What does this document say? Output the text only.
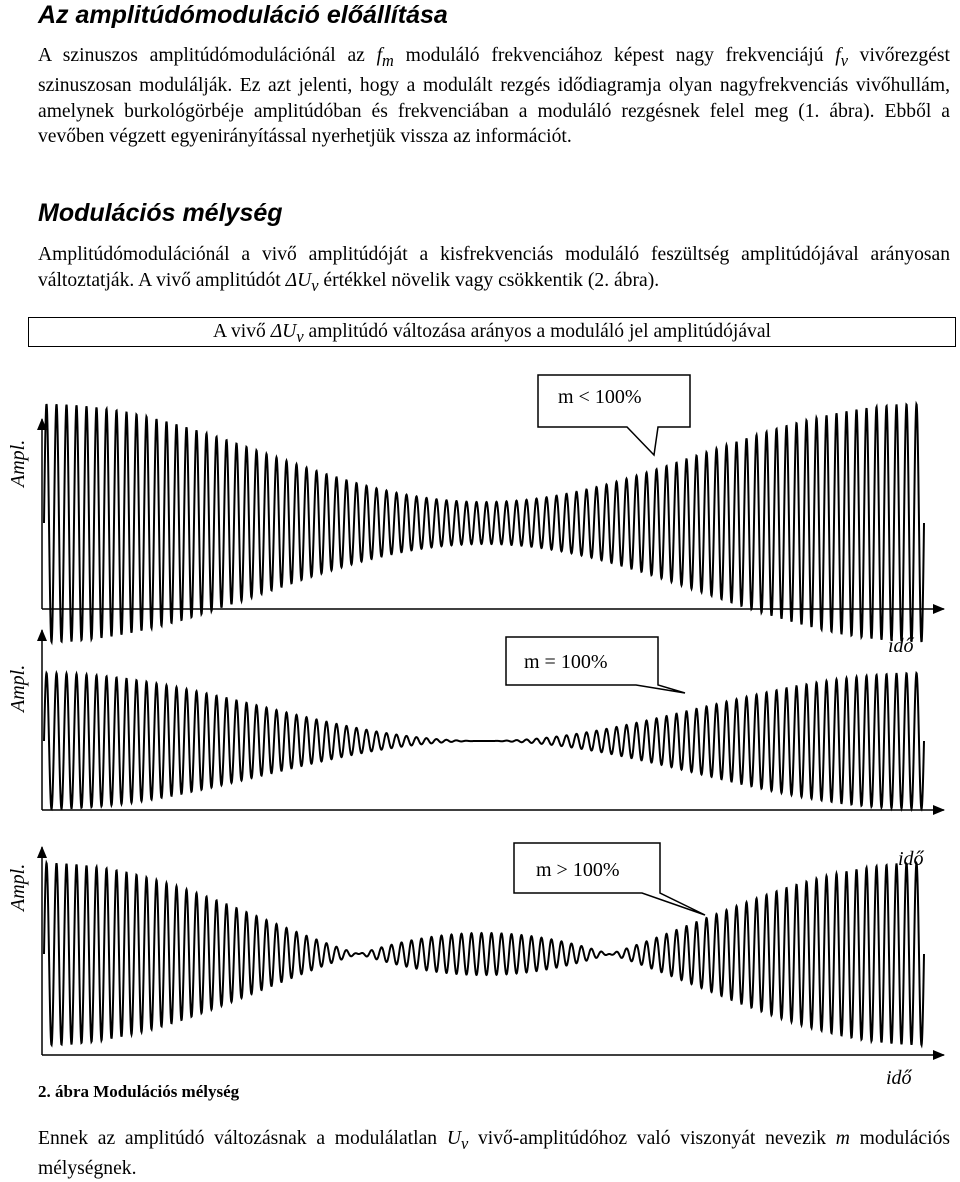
Az amplitúdómoduláció előállítása

A szinuszos amplitúdómodulációnál az $f_m$ moduláló frekvenciához képest nagy frekvenciájú $f_v$ vivőrezgést szinuszosan modulálják. Ez azt jelenti, hogy a modulált rezgés idődiagramja olyan nagyfrekvenciás vivőhullám, amelynek burkológörbéje amplitúdóban és frekvenciában a moduláló rezgésnek felel meg (1. ábra). Ebből a vevőben végzett egyenirányítással nyerhetjük vissza az információt.

Modulációs mélység

Amplitúdómodulációnál a vivő amplitúdóját a kisfrekvenciás moduláló feszültség amplitúdójával arányosan változtatják. A vivő amplitúdót $\Delta U_v$ értékkel növelik vagy csökkentik (2. ábra).

A vivő $\Delta U_v$ amplitúdó változása arányos a moduláló jel amplitúdójával
m < 100%
m = 100%
idő
m > 100%	idő
idő
Ampl.
Ampl.
Ampl.

2. ábra Modulációs mélység

Ennek az amplitúdó változásnak a modulálatlan $U_v$ vivő-amplitúdóhoz való viszonyát nevezik m modulációs mélységnek.
